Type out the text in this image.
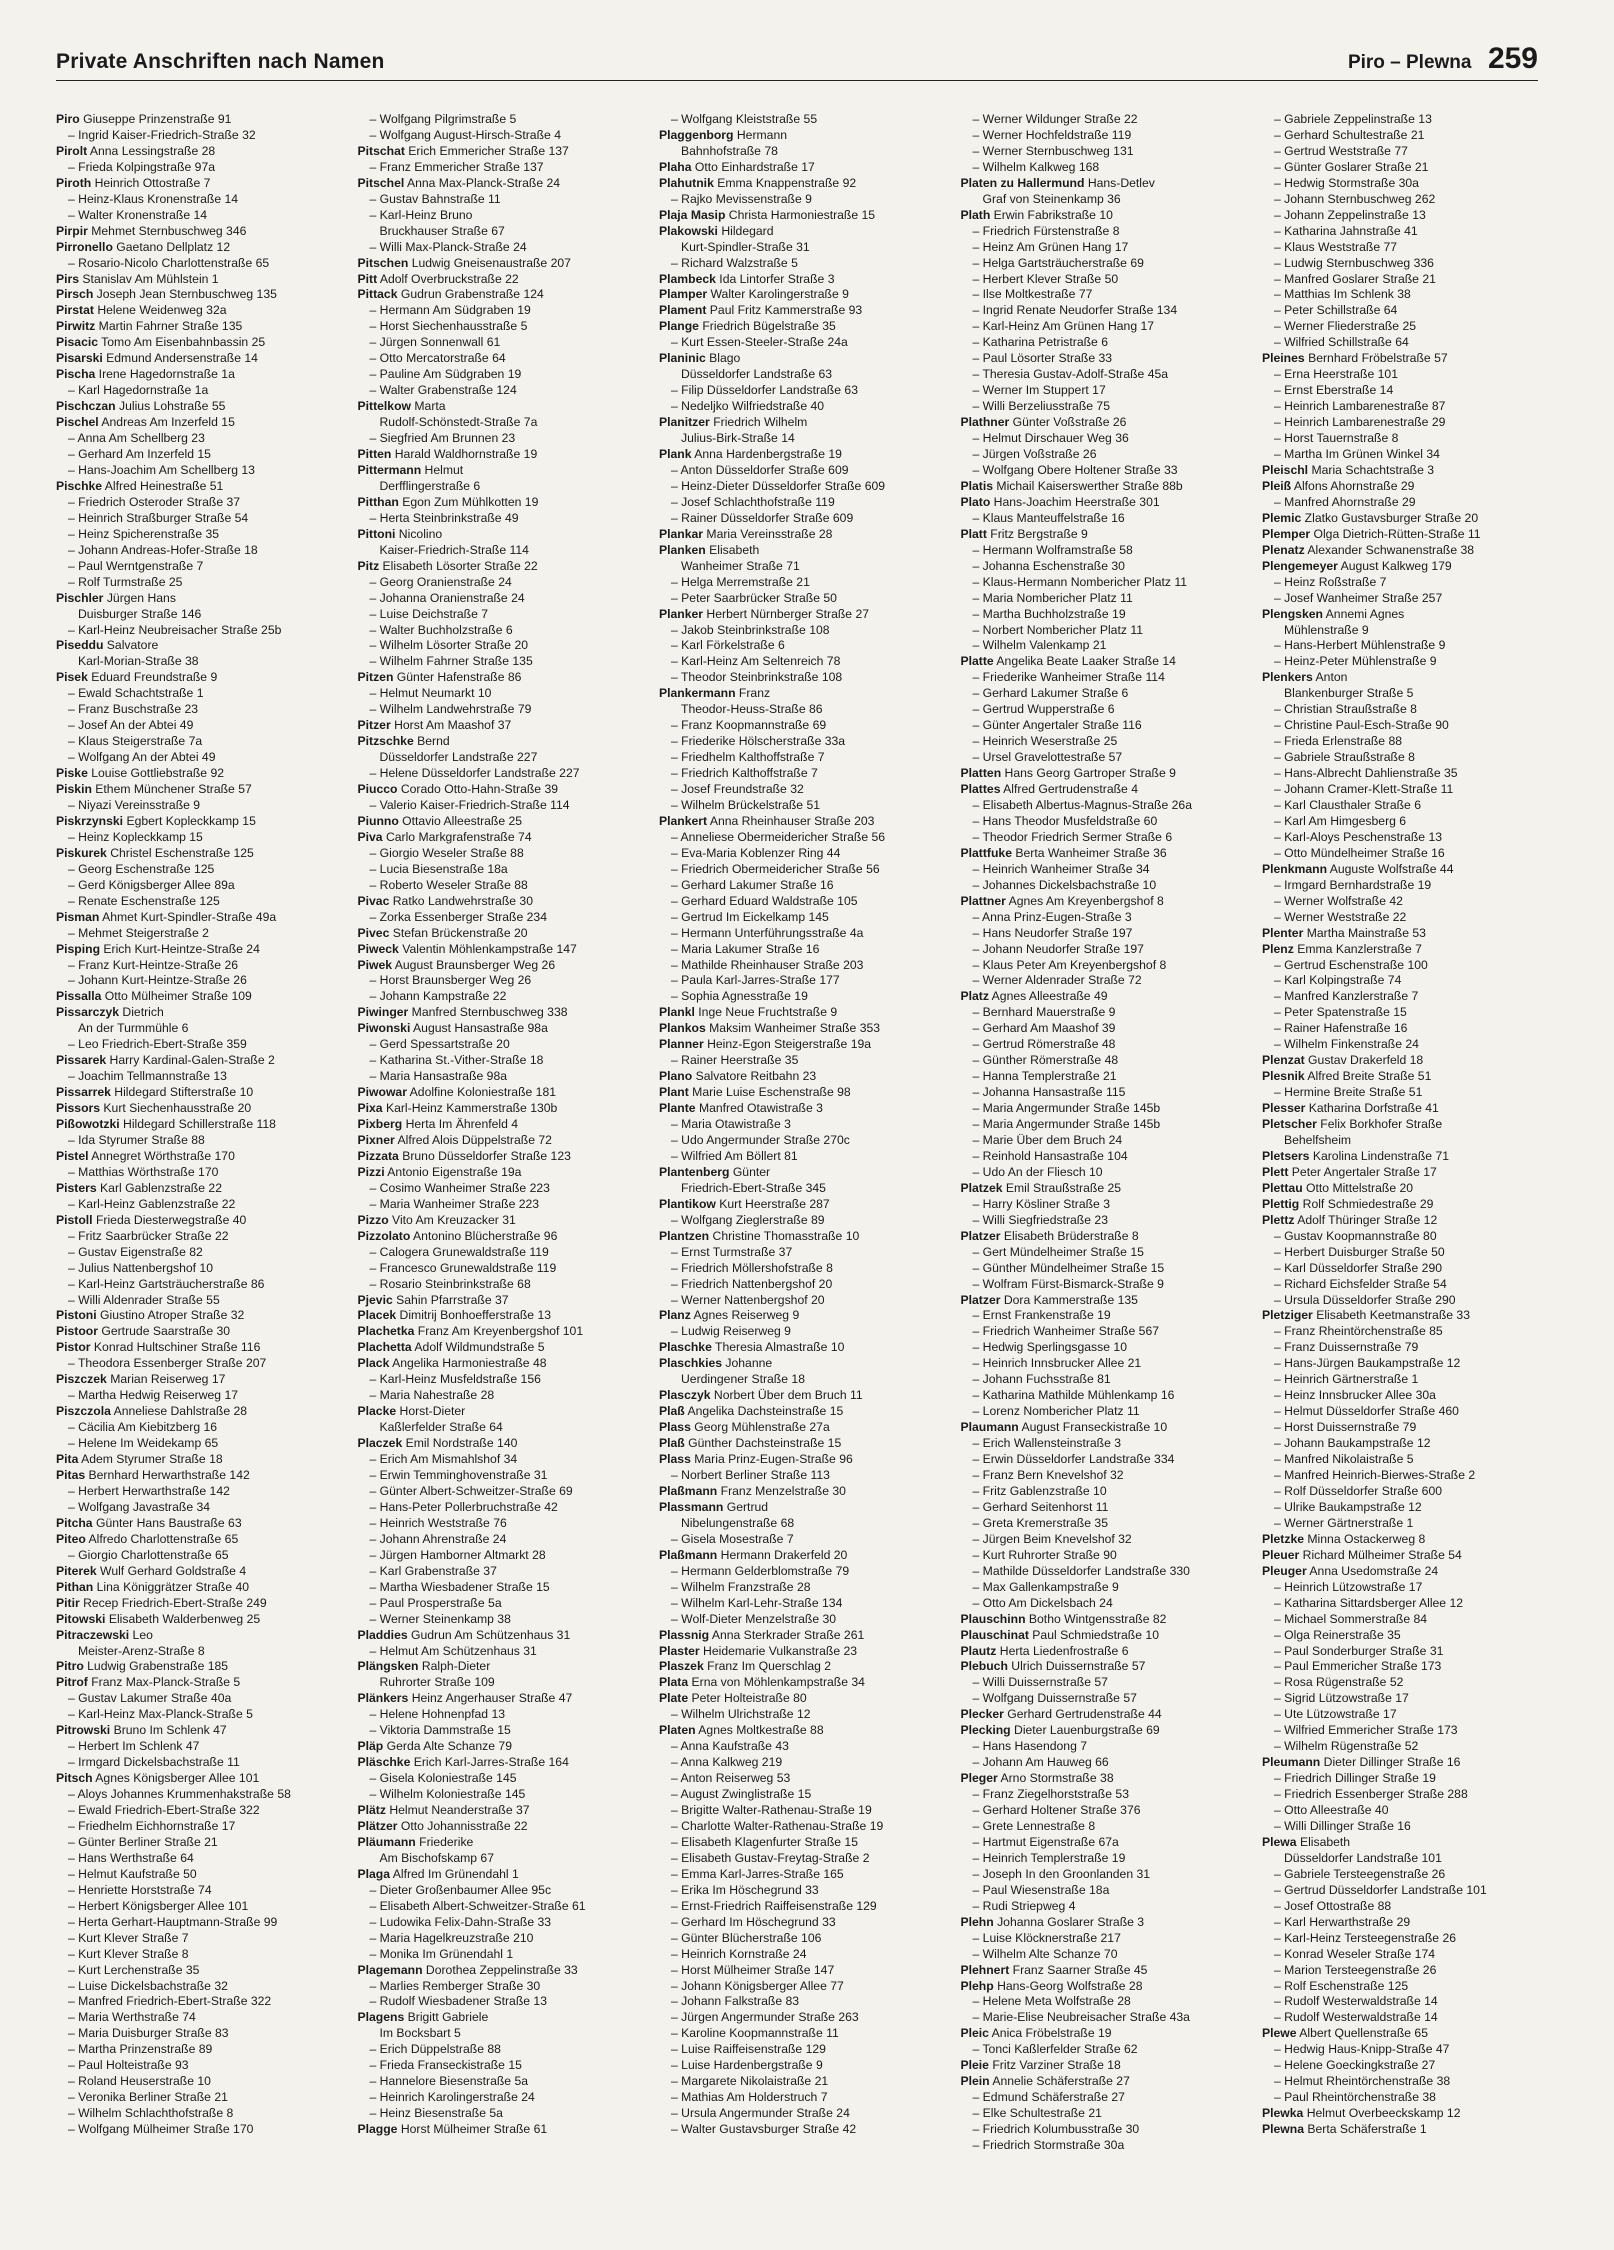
Private Anschriften nach Namen	Piro – Plewna 259
Piro Giuseppe Prinzenstraße 91
– Ingrid Kaiser-Friedrich-Straße 32
Pirolt Anna Lessingstraße 28
– Frieda Kolpingstraße 97a
Piroth Heinrich Ottostraße 7
– Heinz-Klaus Kronenstraße 14
– Walter Kronenstraße 14
Pirpir Mehmet Sternbuschweg 346
Pirronello Gaetano Dellplatz 12
– Rosario-Nicolo Charlottenstraße 65
Pirs Stanislav Am Mühlstein 1
Pirsch Joseph Jean Sternbuschweg 135
Pirstat Helene Weidenweg 32a
Pirwitz Martin Fahrner Straße 135
Pisacic Tomo Am Eisenbahnbassin 25
Pisarski Edmund Andersenstraße 14
Pischa Irene Hagedornstraße 1a
– Karl Hagedornstraße 1a
Pischczan Julius Lohstraße 55
Pischel Andreas Am Inzerfeld 15
– Anna Am Schellberg 23
– Gerhard Am Inzerfeld 15
– Hans-Joachim Am Schellberg 13
Pischke Alfred Heinestraße 51
– Friedrich Osteroder Straße 37
– Heinrich Straßburger Straße 54
– Heinz Spicherenstraße 35
– Johann Andreas-Hofer-Straße 18
– Paul Werntgenstraße 7
– Rolf Turmstraße 25
Pischler Jürgen Hans
Duisburger Straße 146
– Karl-Heinz Neubreisacher Straße 25b
Piseddu Salvatore
Karl-Morian-Straße 38
Pisek Eduard Freundstraße 9
– Ewald Schachtstraße 1
– Franz Buschstraße 23
– Josef An der Abtei 49
– Klaus Steigerstraße 7a
– Wolfgang An der Abtei 49
Piske Louise Gottliebstraße 92
Piskin Ethem Münchener Straße 57
– Niyazi Vereinsstraße 9
Piskrzynski Egbert Kopleckkamp 15
– Heinz Kopleckkamp 15
Piskurek Christel Eschenstraße 125
– Georg Eschenstraße 125
– Gerd Königsberger Allee 89a
– Renate Eschenstraße 125
Pisman Ahmet Kurt-Spindler-Straße 49a
– Mehmet Steigerstraße 2
Pisping Erich Kurt-Heintze-Straße 24
– Franz Kurt-Heintze-Straße 26
– Johann Kurt-Heintze-Straße 26
Pissalla Otto Mülheimer Straße 109
Pissarczyk Dietrich
An der Turmmühle 6
– Leo Friedrich-Ebert-Straße 359
Pissarek Harry Kardinal-Galen-Straße 2
– Joachim Tellmannstraße 13
Pissarrek Hildegard Stifterstraße 10
Pissors Kurt Siechenhausstraße 20
Pißowotzki Hildegard Schillerstraße 118
– Ida Styrumer Straße 88
Pistel Annegret Wörthstraße 170
– Matthias Wörthstraße 170
Pisters Karl Gablenzstraße 22
– Karl-Heinz Gablenzstraße 22
Pistoll Frieda Diesterwegstraße 40
– Fritz Saarbrücker Straße 22
– Gustav Eigenstraße 82
– Julius Nattenbergshof 10
– Karl-Heinz Gartsträucherstraße 86
– Willi Aldenrader Straße 55
Pistoni Giustino Atroper Straße 32
Pistoor Gertrude Saarstraße 30
Pistor Konrad Hultschiner Straße 116
– Theodora Essenberger Straße 207
Piszczek Marian Reiserweg 17
– Martha Hedwig Reiserweg 17
Piszczola Anneliese Dahlstraße 28
– Cäcilia Am Kiebitzberg 16
– Helene Im Weidekamp 65
Pita Adem Styrumer Straße 18
Pitas Bernhard Herwarthstraße 142
– Herbert Herwarthstraße 142
– Wolfgang Javastraße 34
Pitcha Günter Hans Baustraße 63
Piteo Alfredo Charlottenstraße 65
– Giorgio Charlottenstraße 65
Piterek Wulf Gerhard Goldstraße 4
Pithan Lina Königgrätzer Straße 40
Pitir Recep Friedrich-Ebert-Straße 249
Pitowski Elisabeth Walderbenweg 25
Pitraczewski Leo
Meister-Arenz-Straße 8
Pitro Ludwig Grabenstraße 185
Pitrof Franz Max-Planck-Straße 5
– Gustav Lakumer Straße 40a
– Karl-Heinz Max-Planck-Straße 5
Pitrowski Bruno Im Schlenk 47
– Herbert Im Schlenk 47
– Irmgard Dickelsbachstraße 11
Pitsch Agnes Königsberger Allee 101
– Aloys Johannes Krummenhakstraße 58
– Ewald Friedrich-Ebert-Straße 322
– Friedhelm Eichhornstraße 17
– Günter Berliner Straße 21
– Hans Werthstraße 64
– Helmut Kaufstraße 50
– Henriette Horststraße 74
– Herbert Königsberger Allee 101
– Herta Gerhart-Hauptmann-Straße 99
– Kurt Klever Straße 7
– Kurt Klever Straße 8
– Kurt Lerchenstraße 35
– Luise Dickelsbachstraße 32
– Manfred Friedrich-Ebert-Straße 322
– Maria Werthstraße 74
– Maria Duisburger Straße 83
– Martha Prinzenstraße 89
– Paul Holteistraße 93
– Roland Heuserstraße 10
– Veronika Berliner Straße 21
– Wilhelm Schlachthofstraße 8
– Wolfgang Mülheimer Straße 170
– Wolfgang Pilgrimstraße 5
– Wolfgang August-Hirsch-Straße 4
Pitschat Erich Emmericher Straße 137
– Franz Emmericher Straße 137
Pitschel Anna Max-Planck-Straße 24
– Gustav Bahnstraße 11
– Karl-Heinz Bruno
Bruckhauser Straße 67
– Willi Max-Planck-Straße 24
Pitschen Ludwig Gneisenaustraße 207
Pitt Adolf Overbruckstraße 22
Pittack Gudrun Grabenstraße 124
– Hermann Am Südgraben 19
– Horst Siechenhausstraße 5
– Jürgen Sonnenwall 61
– Otto Mercatorstraße 64
– Pauline Am Südgraben 19
– Walter Grabenstraße 124
Pittelkow Marta
Rudolf-Schönstedt-Straße 7a
– Siegfried Am Brunnen 23
Pitten Harald Waldhornstraße 19
Pittermann Helmut
Derfflingerstraße 6
Pitthan Egon Zum Mühlkotten 19
– Herta Steinbrinkstraße 49
Pittoni Nicolino
Kaiser-Friedrich-Straße 114
Pitz Elisabeth Lösorter Straße 22
– Georg Oranienstraße 24
– Johanna Oranienstraße 24
– Luise Deichstraße 7
– Walter Buchholzstraße 6
– Wilhelm Lösorter Straße 20
– Wilhelm Fahrner Straße 135
Pitzen Günter Hafenstraße 86
– Helmut Neumarkt 10
– Wilhelm Landwehrstraße 79
Pitzer Horst Am Maashof 37
Pitzschke Bernd
Düsseldorfer Landstraße 227
– Helene Düsseldorfer Landstraße 227
Piucco Corado Otto-Hahn-Straße 39
– Valerio Kaiser-Friedrich-Straße 114
Piunno Ottavio Alleestraße 25
Piva Carlo Markgrafenstraße 74
– Giorgio Weseler Straße 88
– Lucia Biesenstraße 18a
– Roberto Weseler Straße 88
Pivac Ratko Landwehrstraße 30
– Zorka Essenberger Straße 234
Pivec Stefan Brückenstraße 20
Piweck Valentin Möhlenkampstraße 147
Piwek August Braunsberger Weg 26
– Horst Braunsberger Weg 26
– Johann Kampstraße 22
Piwinger Manfred Sternbuschweg 338
Piwonski August Hansastraße 98a
– Gerd Spessartstraße 20
– Katharina St.-Vither-Straße 18
– Maria Hansastraße 98a
Piwowar Adolfine Koloniestraße 181
Pixa Karl-Heinz Kammerstraße 130b
Pixberg Herta Im Ährenfeld 4
Pixner Alfred Alois Düppelstraße 72
Pizzata Bruno Düsseldorfer Straße 123
Pizzi Antonio Eigenstraße 19a
– Cosimo Wanheimer Straße 223
– Maria Wanheimer Straße 223
Pizzo Vito Am Kreuzacker 31
Pizzolato Antonino Blücherstraße 96
– Calogera Grunewaldstraße 119
– Francesco Grunewaldstraße 119
– Rosario Steinbrinkstraße 68
Pjevic Sahin Pfarrstraße 37
Placek Dimitrij Bonhoefferstraße 13
Plachetka Franz Am Kreyenbergshof 101
Plachetta Adolf Wildmundstraße 5
Plack Angelika Harmoniestraße 48
– Karl-Heinz Musfeldstraße 156
– Maria Nahestraße 28
Placke Horst-Dieter
Kaßlerfelder Straße 64
Placzek Emil Nordstraße 140
– Erich Am Mismahlshof 34
– Erwin Temminghovenstraße 31
– Günter Albert-Schweitzer-Straße 69
– Hans-Peter Pollerbruchstraße 42
– Heinrich Weststraße 76
– Johann Ahrenstraße 24
– Jürgen Hamborner Altmarkt 28
– Karl Grabenstraße 37
– Martha Wiesbadener Straße 15
– Paul Prosperstraße 5a
– Werner Steinenkamp 38
Pladdies Gudrun Am Schützenhaus 31
– Helmut Am Schützenhaus 31
Plängsken Ralph-Dieter
Ruhrorter Straße 109
Plänkers Heinz Angerhauser Straße 47
– Helene Hohnenpfad 13
– Viktoria Dammstraße 15
Pläp Gerda Alte Schanze 79
Pläschke Erich Karl-Jarres-Straße 164
– Gisela Koloniestraße 145
– Wilhelm Koloniestraße 145
Plätz Helmut Neanderstraße 37
Plätzer Otto Johannisstraße 22
Pläumann Friederike
Am Bischofskamp 67
Plaga Alfred Im Grünendahl 1
– Dieter Großenbaumer Allee 95c
– Elisabeth Albert-Schweitzer-Straße 61
– Ludowika Felix-Dahn-Straße 33
– Maria Hagelkreuzstraße 210
– Monika Im Grünendahl 1
Plagemann Dorothea Zeppelinstraße 33
– Marlies Remberger Straße 30
– Rudolf Wiesbadener Straße 13
Plagens Brigitt Gabriele
Im Bocksbart 5
– Erich Düppelstraße 88
– Frieda Franseckistraße 15
– Hannelore Biesenstraße 5a
– Heinrich Karolingerstraße 24
– Heinz Biesenstraße 5a
Plagge Horst Mülheimer Straße 61
– Wolfgang Kleiststraße 55
Plaggenborg Hermann
Bahnhofstraße 78
Plaha Otto Einhardstraße 17
Plahutnik Emma Knappenstraße 92
– Rajko Mevissenstraße 9
Plaja Masip Christa Harmoniestraße 15
Plakowski Hildegard
Kurt-Spindler-Straße 31
– Richard Walzstraße 5
Plambeck Ida Lintorfer Straße 3
Plamper Walter Karolingerstraße 9
Plament Paul Fritz Kammerstraße 93
Plange Friedrich Bügelstraße 35
– Kurt Essen-Steeler-Straße 24a
Planinic Blago
Düsseldorfer Landstraße 63
– Filip Düsseldorfer Landstraße 63
– Nedeljko Wilfriedstraße 40
Planitzer Friedrich Wilhelm
Julius-Birk-Straße 14
Plank Anna Hardenbergstraße 19
– Anton Düsseldorfer Straße 609
– Heinz-Dieter Düsseldorfer Straße 609
– Josef Schlachthofstraße 119
– Rainer Düsseldorfer Straße 609
Plankar Maria Vereinsstraße 28
Planken Elisabeth
Wanheimer Straße 71
– Helga Merremstraße 21
– Peter Saarbrücker Straße 50
Planker Herbert Nürnberger Straße 27
– Jakob Steinbrinkstraße 108
– Karl Förkelstraße 6
– Karl-Heinz Am Seltenreich 78
– Theodor Steinbrinkstraße 108
Plankermann Franz
Theodor-Heuss-Straße 86
– Franz Koopmannstraße 69
– Friederike Hölscherstraße 33a
– Friedhelm Kalthoffstraße 7
– Friedrich Kalthoffstraße 7
– Josef Freundstraße 32
– Wilhelm Brückelstraße 51
Plankert Anna Rheinhauser Straße 203
– Anneliese Obermeidericher Straße 56
– Eva-Maria Koblenzer Ring 44
– Friedrich Obermeidericher Straße 56
– Gerhard Lakumer Straße 16
– Gerhard Eduard Waldstraße 105
– Gertrud Im Eickelkamp 145
– Hermann Unterführungsstraße 4a
– Maria Lakumer Straße 16
– Mathilde Rheinhauser Straße 203
– Paula Karl-Jarres-Straße 177
– Sophia Agnesstraße 19
Plankl Inge Neue Fruchtstraße 9
Plankos Maksim Wanheimer Straße 353
Planner Heinz-Egon Steigerstraße 19a
– Rainer Heerstraße 35
Plano Salvatore Reitbahn 23
Plant Marie Luise Eschenstraße 98
Plante Manfred Otawistraße 3
– Maria Otawistraße 3
– Udo Angermunder Straße 270c
– Wilfried Am Böllert 81
Plantenberg Günter
Friedrich-Ebert-Straße 345
Plantikow Kurt Heerstraße 287
– Wolfgang Zieglerstraße 89
Plantzen Christine Thomasstraße 10
– Ernst Turmstraße 37
– Friedrich Möllershofstraße 8
– Friedrich Nattenbergshof 20
– Werner Nattenbergshof 20
Planz Agnes Reiserweg 9
– Ludwig Reiserweg 9
Plaschke Theresia Almastraße 10
Plaschkies Johanne
Uerdingener Straße 18
Plasczyk Norbert Über dem Bruch 11
Plaß Angelika Dachsteinstraße 15
Plass Georg Mühlenstraße 27a
Plaß Günther Dachsteinstraße 15
Plass Maria Prinz-Eugen-Straße 96
– Norbert Berliner Straße 113
Plaßmann Franz Menzelstraße 30
Plassmann Gertrud
Nibelungenstraße 68
– Gisela Mosestraße 7
Plaßmann Hermann Drakerfeld 20
– Hermann Gelderblomstraße 79
– Wilhelm Franzstraße 28
– Wilhelm Karl-Lehr-Straße 134
– Wolf-Dieter Menzelstraße 30
Plassnig Anna Sterkrader Straße 261
Plaster Heidemarie Vulkanstraße 23
Plaszek Franz Im Querschlag 2
Plata Erna von Möhlenkampstraße 34
Plate Peter Holteistraße 80
– Wilhelm Ulrichstraße 12
Platen Agnes Moltkestraße 88
– Anna Kaufstraße 43
– Anna Kalkweg 219
– Anton Reiserweg 53
– August Zwinglistraße 15
– Brigitte Walter-Rathenau-Straße 19
– Charlotte Walter-Rathenau-Straße 19
– Elisabeth Klagenfurter Straße 15
– Elisabeth Gustav-Freytag-Straße 2
– Emma Karl-Jarres-Straße 165
– Erika Im Höschegrund 33
– Ernst-Friedrich Raiffeisenstraße 129
– Gerhard Im Höschegrund 33
– Günter Blücherstraße 106
– Heinrich Kornstraße 24
– Horst Mülheimer Straße 147
– Johann Königsberger Allee 77
– Johann Falkstraße 83
– Jürgen Angermunder Straße 263
– Karoline Koopmannstraße 11
– Luise Raiffeisenstraße 129
– Luise Hardenbergstraße 9
– Margarete Nikolaistraße 21
– Mathias Am Holderstruch 7
– Ursula Angermunder Straße 24
– Walter Gustavsburger Straße 42
– Werner Wildunger Straße 22
– Werner Hochfeldstraße 119
– Werner Sternbuschweg 131
– Wilhelm Kalkweg 168
Platen zu Hallermund Hans-Detlev
Graf von Steinenkamp 36
Plath Erwin Fabrikstraße 10
– Friedrich Fürstenstraße 8
– Heinz Am Grünen Hang 17
– Helga Gartsträucherstraße 69
– Herbert Klever Straße 50
– Ilse Moltkestraße 77
– Ingrid Renate Neudorfer Straße 134
– Karl-Heinz Am Grünen Hang 17
– Katharina Petristraße 6
– Paul Lösorter Straße 33
– Theresia Gustav-Adolf-Straße 45a
– Werner Im Stuppert 17
– Willi Berzeliusstraße 75
Plathner Günter Voßstraße 26
– Helmut Dirschauer Weg 36
– Jürgen Voßstraße 26
– Wolfgang Obere Holtener Straße 33
Platis Michail Kaiserswerther Straße 88b
Plato Hans-Joachim Heerstraße 301
– Klaus Manteuffelstraße 16
Platt Fritz Bergstraße 9
– Hermann Wolframstraße 58
– Johanna Eschenstraße 30
– Klaus-Hermann Nombericher Platz 11
– Maria Nombericher Platz 11
– Martha Buchholzstraße 19
– Norbert Nombericher Platz 11
– Wilhelm Valenkamp 21
Platte Angelika Beate Laaker Straße 14
– Friederike Wanheimer Straße 114
– Gerhard Lakumer Straße 6
– Gertrud Wupperstraße 6
– Günter Angertaler Straße 116
– Heinrich Weserstraße 25
– Ursel Gravelottestraße 57
Platten Hans Georg Gartroper Straße 9
Plattes Alfred Gertrudenstraße 4
– Elisabeth Albertus-Magnus-Straße 26a
– Hans Theodor Musfeldstraße 60
– Theodor Friedrich Sermer Straße 6
Plattfuke Berta Wanheimer Straße 36
– Heinrich Wanheimer Straße 34
– Johannes Dickelsbachstraße 10
Plattner Agnes Am Kreyenbergshof 8
– Anna Prinz-Eugen-Straße 3
– Hans Neudorfer Straße 197
– Johann Neudorfer Straße 197
– Klaus Peter Am Kreyenbergshof 8
– Werner Aldenrader Straße 72
Platz Agnes Alleestraße 49
– Bernhard Mauerstraße 9
– Gerhard Am Maashof 39
– Gertrud Römerstraße 48
– Günther Römerstraße 48
– Hanna Templerstraße 21
– Johanna Hansastraße 115
– Maria Angermunder Straße 145b
– Maria Angermunder Straße 145b
– Marie Über dem Bruch 24
– Reinhold Hansastraße 104
– Udo An der Fliesch 10
Platzek Emil Straußstraße 25
– Harry Kösliner Straße 3
– Willi Siegfriedstraße 23
Platzer Elisabeth Brüderstraße 8
– Gert Mündelheimer Straße 15
– Günther Mündelheimer Straße 15
– Wolfram Fürst-Bismarck-Straße 9
Platzer Dora Kammerstraße 135
– Ernst Frankenstraße 19
– Friedrich Wanheimer Straße 567
– Hedwig Sperlingsgasse 10
– Heinrich Innsbrucker Allee 21
– Johann Fuchsstraße 81
– Katharina Mathilde Mühlenkamp 16
– Lorenz Nombericher Platz 11
Plaumann August Franseckistraße 10
– Erich Wallensteinstraße 3
– Erwin Düsseldorfer Landstraße 334
– Franz Bern Knevelshof 32
– Fritz Gablenzstraße 10
– Gerhard Seitenhorst 11
– Greta Kremerstraße 35
– Jürgen Beim Knevelshof 32
– Kurt Ruhrorter Straße 90
– Mathilde Düsseldorfer Landstraße 330
– Max Gallenkampstraße 9
– Otto Am Dickelsbach 24
Plauschinn Botho Wintgensstraße 82
Plauschinat Paul Schmiedstraße 10
Plautz Herta Liedenfrostraße 6
Plebuch Ulrich Duissernstraße 57
– Willi Duissernstraße 57
– Wolfgang Duissernstraße 57
Plecker Gerhard Gertrudenstraße 44
Plecking Dieter Lauenburgstraße 69
– Hans Hasendong 7
– Johann Am Hauweg 66
Pleger Arno Stormstraße 38
– Franz Ziegelhorststraße 53
– Gerhard Holtener Straße 376
– Grete Lennestraße 8
– Hartmut Eigenstraße 67a
– Heinrich Templerstraße 19
– Joseph In den Groonlanden 31
– Paul Wiesenstraße 18a
– Rudi Striepweg 4
Plehn Johanna Goslarer Straße 3
– Luise Klöcknerstraße 217
– Wilhelm Alte Schanze 70
Plehnert Franz Saarner Straße 45
Plehp Hans-Georg Wolfstraße 28
– Helene Meta Wolfstraße 28
– Marie-Elise Neubreisacher Straße 43a
Pleic Anica Fröbelstraße 19
– Tonci Kaßlerfelder Straße 62
Pleie Fritz Varziner Straße 18
Plein Annelie Schäferstraße 27
– Edmund Schäferstraße 27
– Elke Schultestraße 21
– Friedrich Kolumbusstraße 30
– Friedrich Stormstraße 30a
– Gabriele Zeppelinstraße 13
– Gerhard Schultestraße 21
– Gertrud Weststraße 77
– Günter Goslarer Straße 21
– Hedwig Stormstraße 30a
– Johann Sternbuschweg 262
– Johann Zeppelinstraße 13
– Katharina Jahnstraße 41
– Klaus Weststraße 77
– Ludwig Sternbuschweg 336
– Manfred Goslarer Straße 21
– Matthias Im Schlenk 38
– Peter Schillstraße 64
– Werner Fliederstraße 25
– Wilfried Schillstraße 64
Pleines Bernhard Fröbelstraße 57
– Erna Heerstraße 101
– Ernst Eberstraße 14
– Heinrich Lambarenestraße 87
– Heinrich Lambarenestraße 29
– Horst Tauernstraße 8
– Martha Im Grünen Winkel 34
Pleischl Maria Schachtstraße 3
Pleiß Alfons Ahornstraße 29
– Manfred Ahornstraße 29
Plemic Zlatko Gustavsburger Straße 20
Plemper Olga Dietrich-Rütten-Straße 11
Plenatz Alexander Schwanenstraße 38
Plengemeyer August Kalkweg 179
– Heinz Roßstraße 7
– Josef Wanheimer Straße 257
Plengsken Annemi Agnes
Mühlenstraße 9
– Hans-Herbert Mühlenstraße 9
– Heinz-Peter Mühlenstraße 9
Plenkers Anton
Blankenburger Straße 5
– Christian Straußstraße 8
– Christine Paul-Esch-Straße 90
– Frieda Erlenstraße 88
– Gabriele Straußstraße 8
– Hans-Albrecht Dahlienstraße 35
– Johann Cramer-Klett-Straße 11
– Karl Clausthaler Straße 6
– Karl Am Himgesberg 6
– Karl-Aloys Peschenstraße 13
– Otto Mündelheimer Straße 16
Plenkmann Auguste Wolfstraße 44
– Irmgard Bernhardstraße 19
– Werner Wolfstraße 42
– Werner Weststraße 22
Plenter Martha Mainstraße 53
Plenz Emma Kanzlerstraße 7
– Gertrud Eschenstraße 100
– Karl Kolpingstraße 74
– Manfred Kanzlerstraße 7
– Peter Spatenstraße 15
– Rainer Hafenstraße 16
– Wilhelm Finkenstraße 24
Plenzat Gustav Drakerfeld 18
Plesnik Alfred Breite Straße 51
– Hermine Breite Straße 51
Plesser Katharina Dorfstraße 41
Pletscher Felix Borkhofer Straße
Behelfsheim
Pletsers Karolina Lindenstraße 71
Plett Peter Angertaler Straße 17
Plettau Otto Mittelstraße 20
Plettig Rolf Schmiedestraße 29
Plettz Adolf Thüringer Straße 12
– Gustav Koopmannstraße 80
– Herbert Duisburger Straße 50
– Karl Düsseldorfer Straße 290
– Richard Eichsfelder Straße 54
– Ursula Düsseldorfer Straße 290
Pletziger Elisabeth Keetmanstraße 33
– Franz Rheintörchenstraße 85
– Franz Duissernstraße 79
– Hans-Jürgen Baukampstraße 12
– Heinrich Gärtnerstraße 1
– Heinz Innsbrucker Allee 30a
– Helmut Düsseldorfer Straße 460
– Horst Duissernstraße 79
– Johann Baukampstraße 12
– Manfred Nikolaistraße 5
– Manfred Heinrich-Bierwes-Straße 2
– Rolf Düsseldorfer Straße 600
– Ulrike Baukampstraße 12
– Werner Gärtnerstraße 1
Pletzke Minna Ostackerweg 8
Pleuer Richard Mülheimer Straße 54
Pleuger Anna Usedomstraße 24
– Heinrich Lützowstraße 17
– Katharina Sittardsberger Allee 12
– Michael Sommerstraße 84
– Olga Reinerstraße 35
– Paul Sonderburger Straße 31
– Paul Emmericher Straße 173
– Rosa Rügenstraße 52
– Sigrid Lützowstraße 17
– Ute Lützowstraße 17
– Wilfried Emmericher Straße 173
– Wilhelm Rügenstraße 52
Pleumann Dieter Dillinger Straße 16
– Friedrich Dillinger Straße 19
– Friedrich Essenberger Straße 288
– Otto Alleestraße 40
– Willi Dillinger Straße 16
Plewa Elisabeth
Düsseldorfer Landstraße 101
– Gabriele Tersteegenstraße 26
– Gertrud Düsseldorfer Landstraße 101
– Josef Ottostraße 88
– Karl Herwarthstraße 29
– Karl-Heinz Tersteegenstraße 26
– Konrad Weseler Straße 174
– Marion Tersteegenstraße 26
– Rolf Eschenstraße 125
– Rudolf Westerwaldstraße 14
– Rudolf Westerwaldstraße 14
Plewe Albert Quellenstraße 65
– Hedwig Haus-Knipp-Straße 47
– Helene Goeckingkstraße 27
– Helmut Rheintörchenstraße 38
– Paul Rheintörchenstraße 38
Plewka Helmut Overbeeckskamp 12
Plewna Berta Schäferstraße 1
